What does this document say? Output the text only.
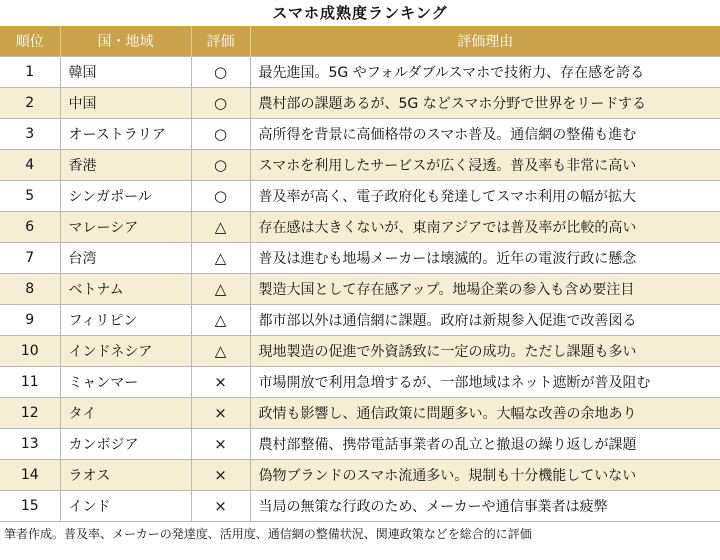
スマホ成熟度ランキング
順位	国・地域	評価	評価理由
1	韓国	○	最先進国。5G やフォルダブルスマホで技術力、存在感を誇る
2	中国	○	農村部の課題あるが、5G などスマホ分野で世界をリードする
3	オーストラリア	○	高所得を背景に高価格帯のスマホ普及。通信網の整備も進む
4	香港	○	スマホを利用したサービスが広く浸透。普及率も非常に高い
5	シンガポール	○	普及率が高く、電子政府化も発達してスマホ利用の幅が拡大
6	マレーシア	△	存在感は大きくないが、東南アジアでは普及率が比較的高い
7	台湾	△	普及は進むも地場メーカーは壊滅的。近年の電波行政に懸念
8	ベトナム	△	製造大国として存在感アップ。地場企業の参入も含め要注目
9	フィリピン	△	都市部以外は通信網に課題。政府は新規参入促進で改善図る
10	インドネシア	△	現地製造の促進で外資誘致に一定の成功。ただし課題も多い
11	ミャンマー	×	市場開放で利用急増するが、一部地域はネット遮断が普及阻む
12	タイ	×	政情も影響し、通信政策に問題多い。大幅な改善の余地あり
13	カンボジア	×	農村部整備、携帯電話事業者の乱立と撤退の繰り返しが課題
14	ラオス	×	偽物ブランドのスマホ流通多い。規制も十分機能していない
15	インド	×	当局の無策な行政のため、メーカーや通信事業者は疲弊
筆者作成。普及率、メーカーの発達度、活用度、通信網の整備状況、関連政策などを総合的に評価
